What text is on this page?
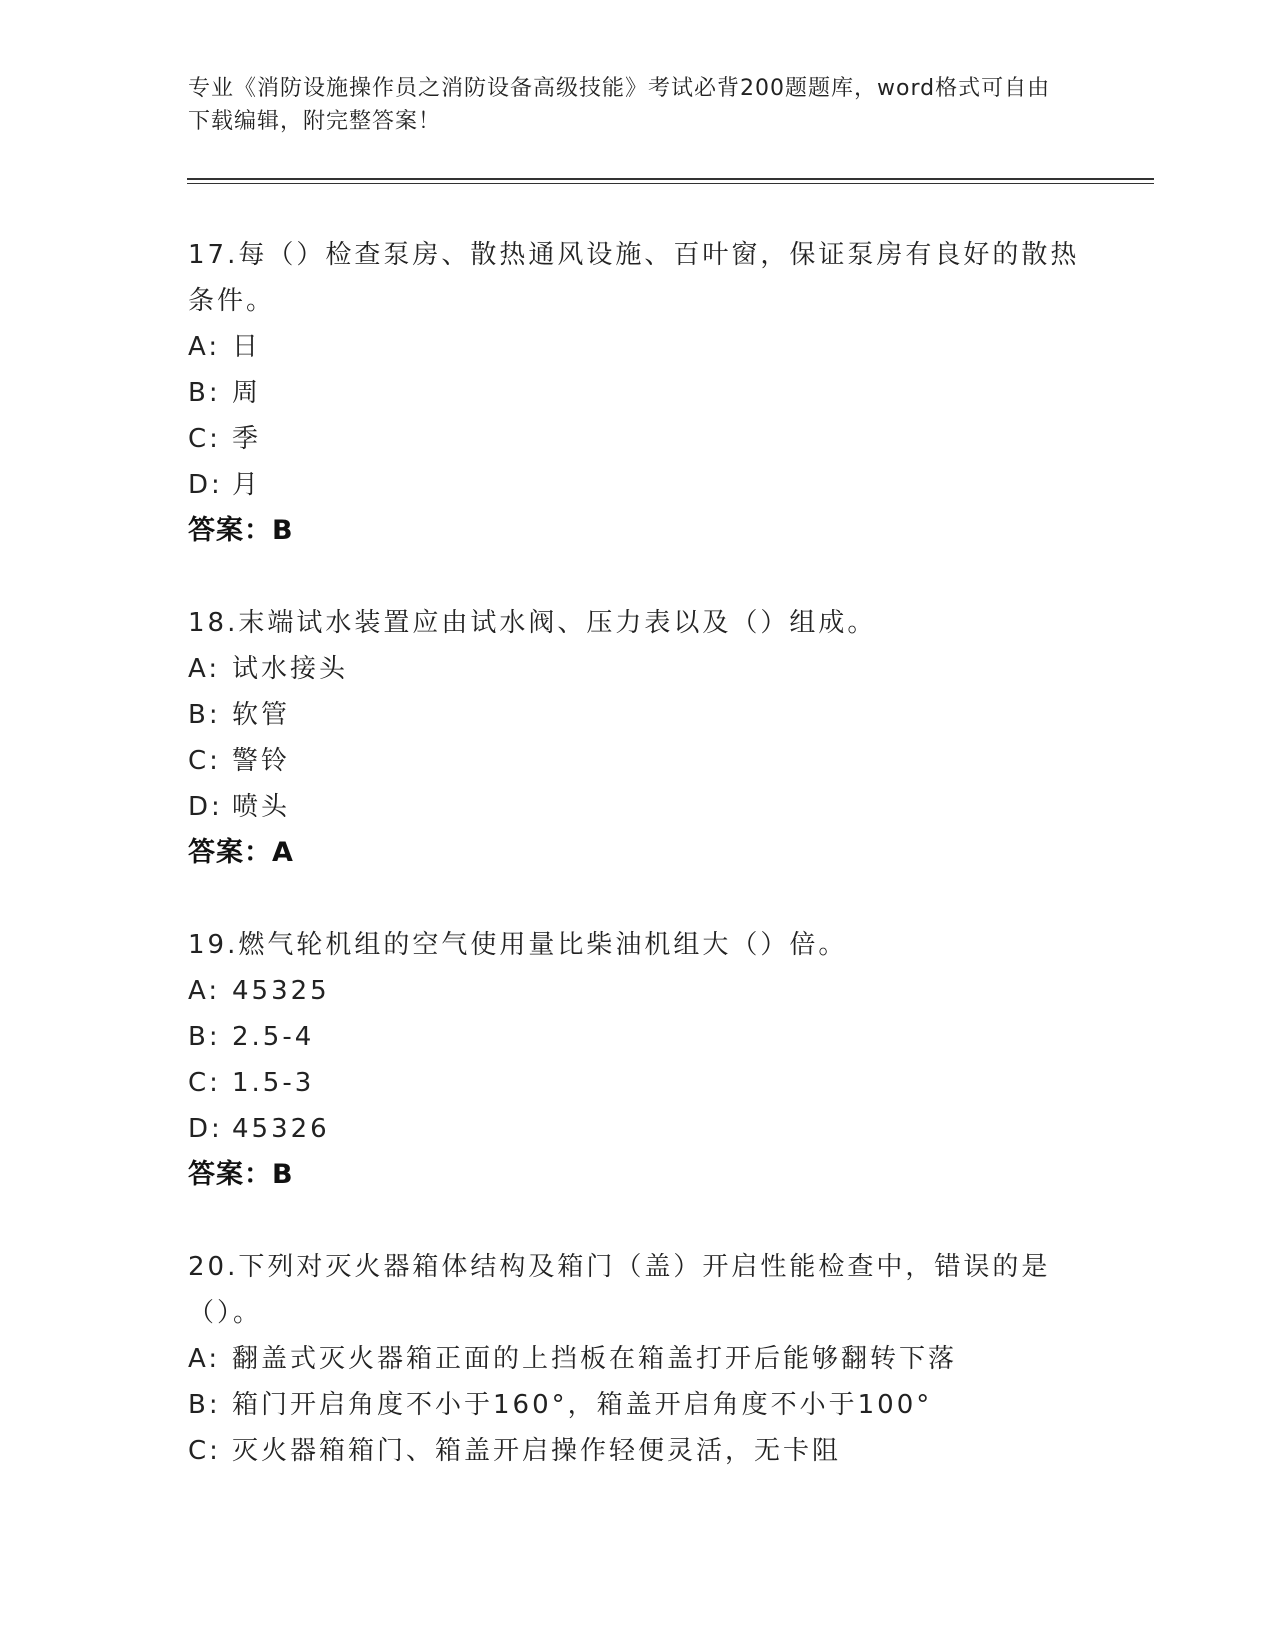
专业《消防设施操作员之消防设备高级技能》考试必背200题题库，word格式可自由下载编辑，附完整答案！
17.每（）检查泵房、散热通风设施、百叶窗，保证泵房有良好的散热条件。
A: 日
B: 周
C: 季
D: 月
答案：B
18.末端试水装置应由试水阀、压力表以及（）组成。
A: 试水接头
B: 软管
C: 警铃
D: 喷头
答案：A
19.燃气轮机组的空气使用量比柴油机组大（）倍。
A: 45325
B: 2.5-4
C: 1.5-3
D: 45326
答案：B
20.下列对灭火器箱体结构及箱门（盖）开启性能检查中，错误的是（）。
A: 翻盖式灭火器箱正面的上挡板在箱盖打开后能够翻转下落
B: 箱门开启角度不小于160°，箱盖开启角度不小于100°
C: 灭火器箱箱门、箱盖开启操作轻便灵活，无卡阻
